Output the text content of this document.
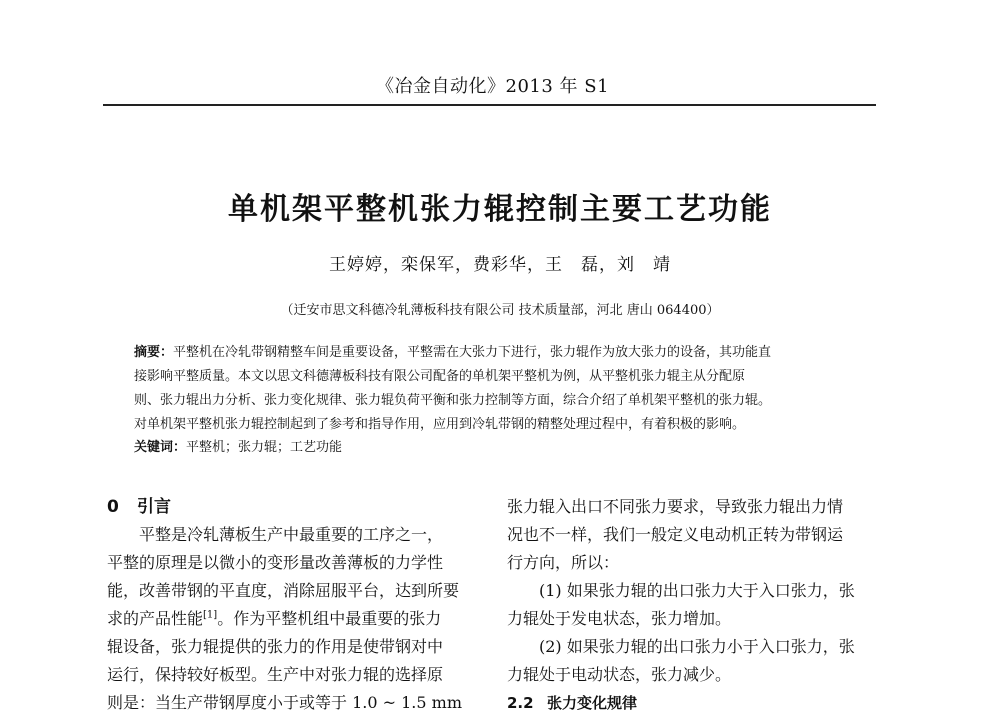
《冶金自动化》2013 年 S1
单机架平整机张力辊控制主要工艺功能
王婷婷，栾保军，费彩华，王　磊，刘　靖
（迁安市思文科德冷轧薄板科技有限公司 技术质量部，河北 唐山 064400）
摘要：平整机在冷轧带钢精整车间是重要设备，平整需在大张力下进行，张力辊作为放大张力的设备，其功能直
接影响平整质量。本文以思文科德薄板科技有限公司配备的单机架平整机为例，从平整机张力辊主从分配原
则、张力辊出力分析、张力变化规律、张力辊负荷平衡和张力控制等方面，综合介绍了单机架平整机的张力辊。
对单机架平整机张力辊控制起到了参考和指导作用，应用到冷轧带钢的精整处理过程中，有着积极的影响。
关键词：平整机；张力辊；工艺功能
0 引言
平整是冷轧薄板生产中最重要的工序之一，
平整的原理是以微小的变形量改善薄板的力学性
能，改善带钢的平直度，消除屈服平台，达到所要
求的产品性能[1]。作为平整机组中最重要的张力
辊设备，张力辊提供的张力的作用是使带钢对中
运行，保持较好板型。生产中对张力辊的选择原
则是：当生产带钢厚度小于或等于 1.0 ~ 1.5 mm
张力辊入出口不同张力要求，导致张力辊出力情
况也不一样，我们一般定义电动机正转为带钢运
行方向，所以：
(1) 如果张力辊的出口张力大于入口张力，张
力辊处于发电状态，张力增加。
(2) 如果张力辊的出口张力小于入口张力，张
力辊处于电动状态，张力减少。
2.2 张力变化规律
